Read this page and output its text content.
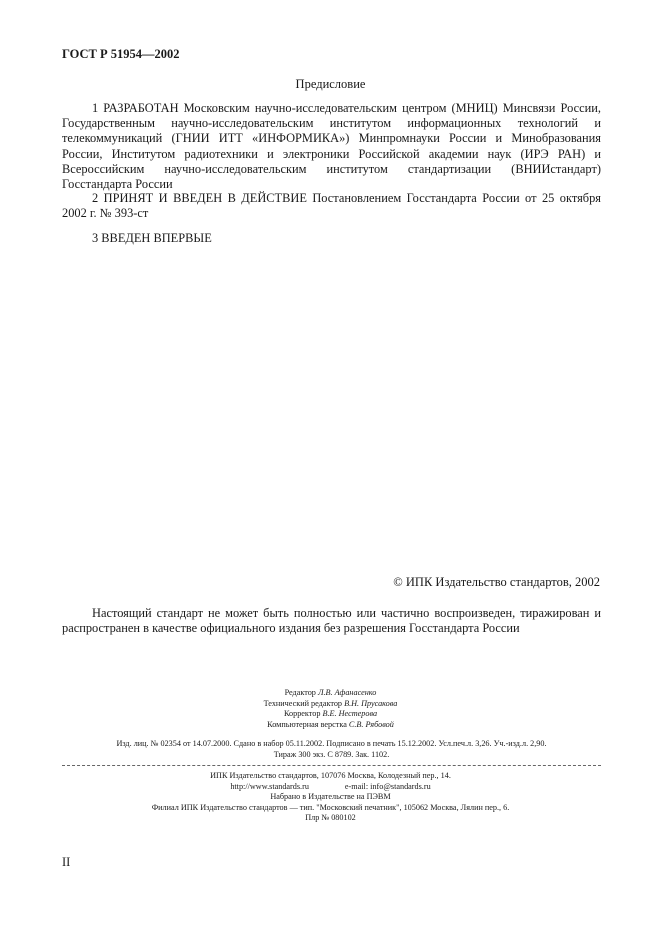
ГОСТ Р 51954—2002
Предисловие

1 РАЗРАБОТАН Московским научно-исследовательским центром (МНИЦ) Минсвязи России, Государственным научно-исследовательским институтом информационных технологий и телекоммуникаций (ГНИИ ИТТ «ИНФОРМИКА») Минпромнауки России и Минобразования России, Институтом радиотехники и электроники Российской академии наук (ИРЭ РАН) и Всероссийским научно-исследовательским институтом стандартизации (ВНИИстандарт) Госстандарта России

2 ПРИНЯТ И ВВЕДЕН В ДЕЙСТВИЕ Постановлением Госстандарта России от 25 октября 2002 г. № 393-ст

3 ВВЕДЕН ВПЕРВЫЕ

© ИПК Издательство стандартов, 2002

Настоящий стандарт не может быть полностью или частично воспроизведен, тиражирован и распространен в качестве официального издания без разрешения Госстандарта России

Редактор Л.В. Афанасенко
Технический редактор В.Н. Прусакова
Корректор В.Е. Нестерова
Компьютерная верстка С.В. Рябовой
Изд. лиц. № 02354 от 14.07.2000. Сдано в набор 05.11.2002. Подписано в печать 15.12.2002. Усл.печ.л. 3,26. Уч.-изд.л. 2,90.
Тираж 300 экз. С 8789. Зак. 1102.
ИПК Издательство стандартов, 107076 Москва, Колодезный пер., 14.
http://www.standards.ru	e-mail: info@standards.ru
Набрано в Издательстве на ПЭВМ
Филиал ИПК Издательство стандартов — тип. "Московский печатник", 105062 Москва, Лялин пер., 6.
Плр № 080102
II
